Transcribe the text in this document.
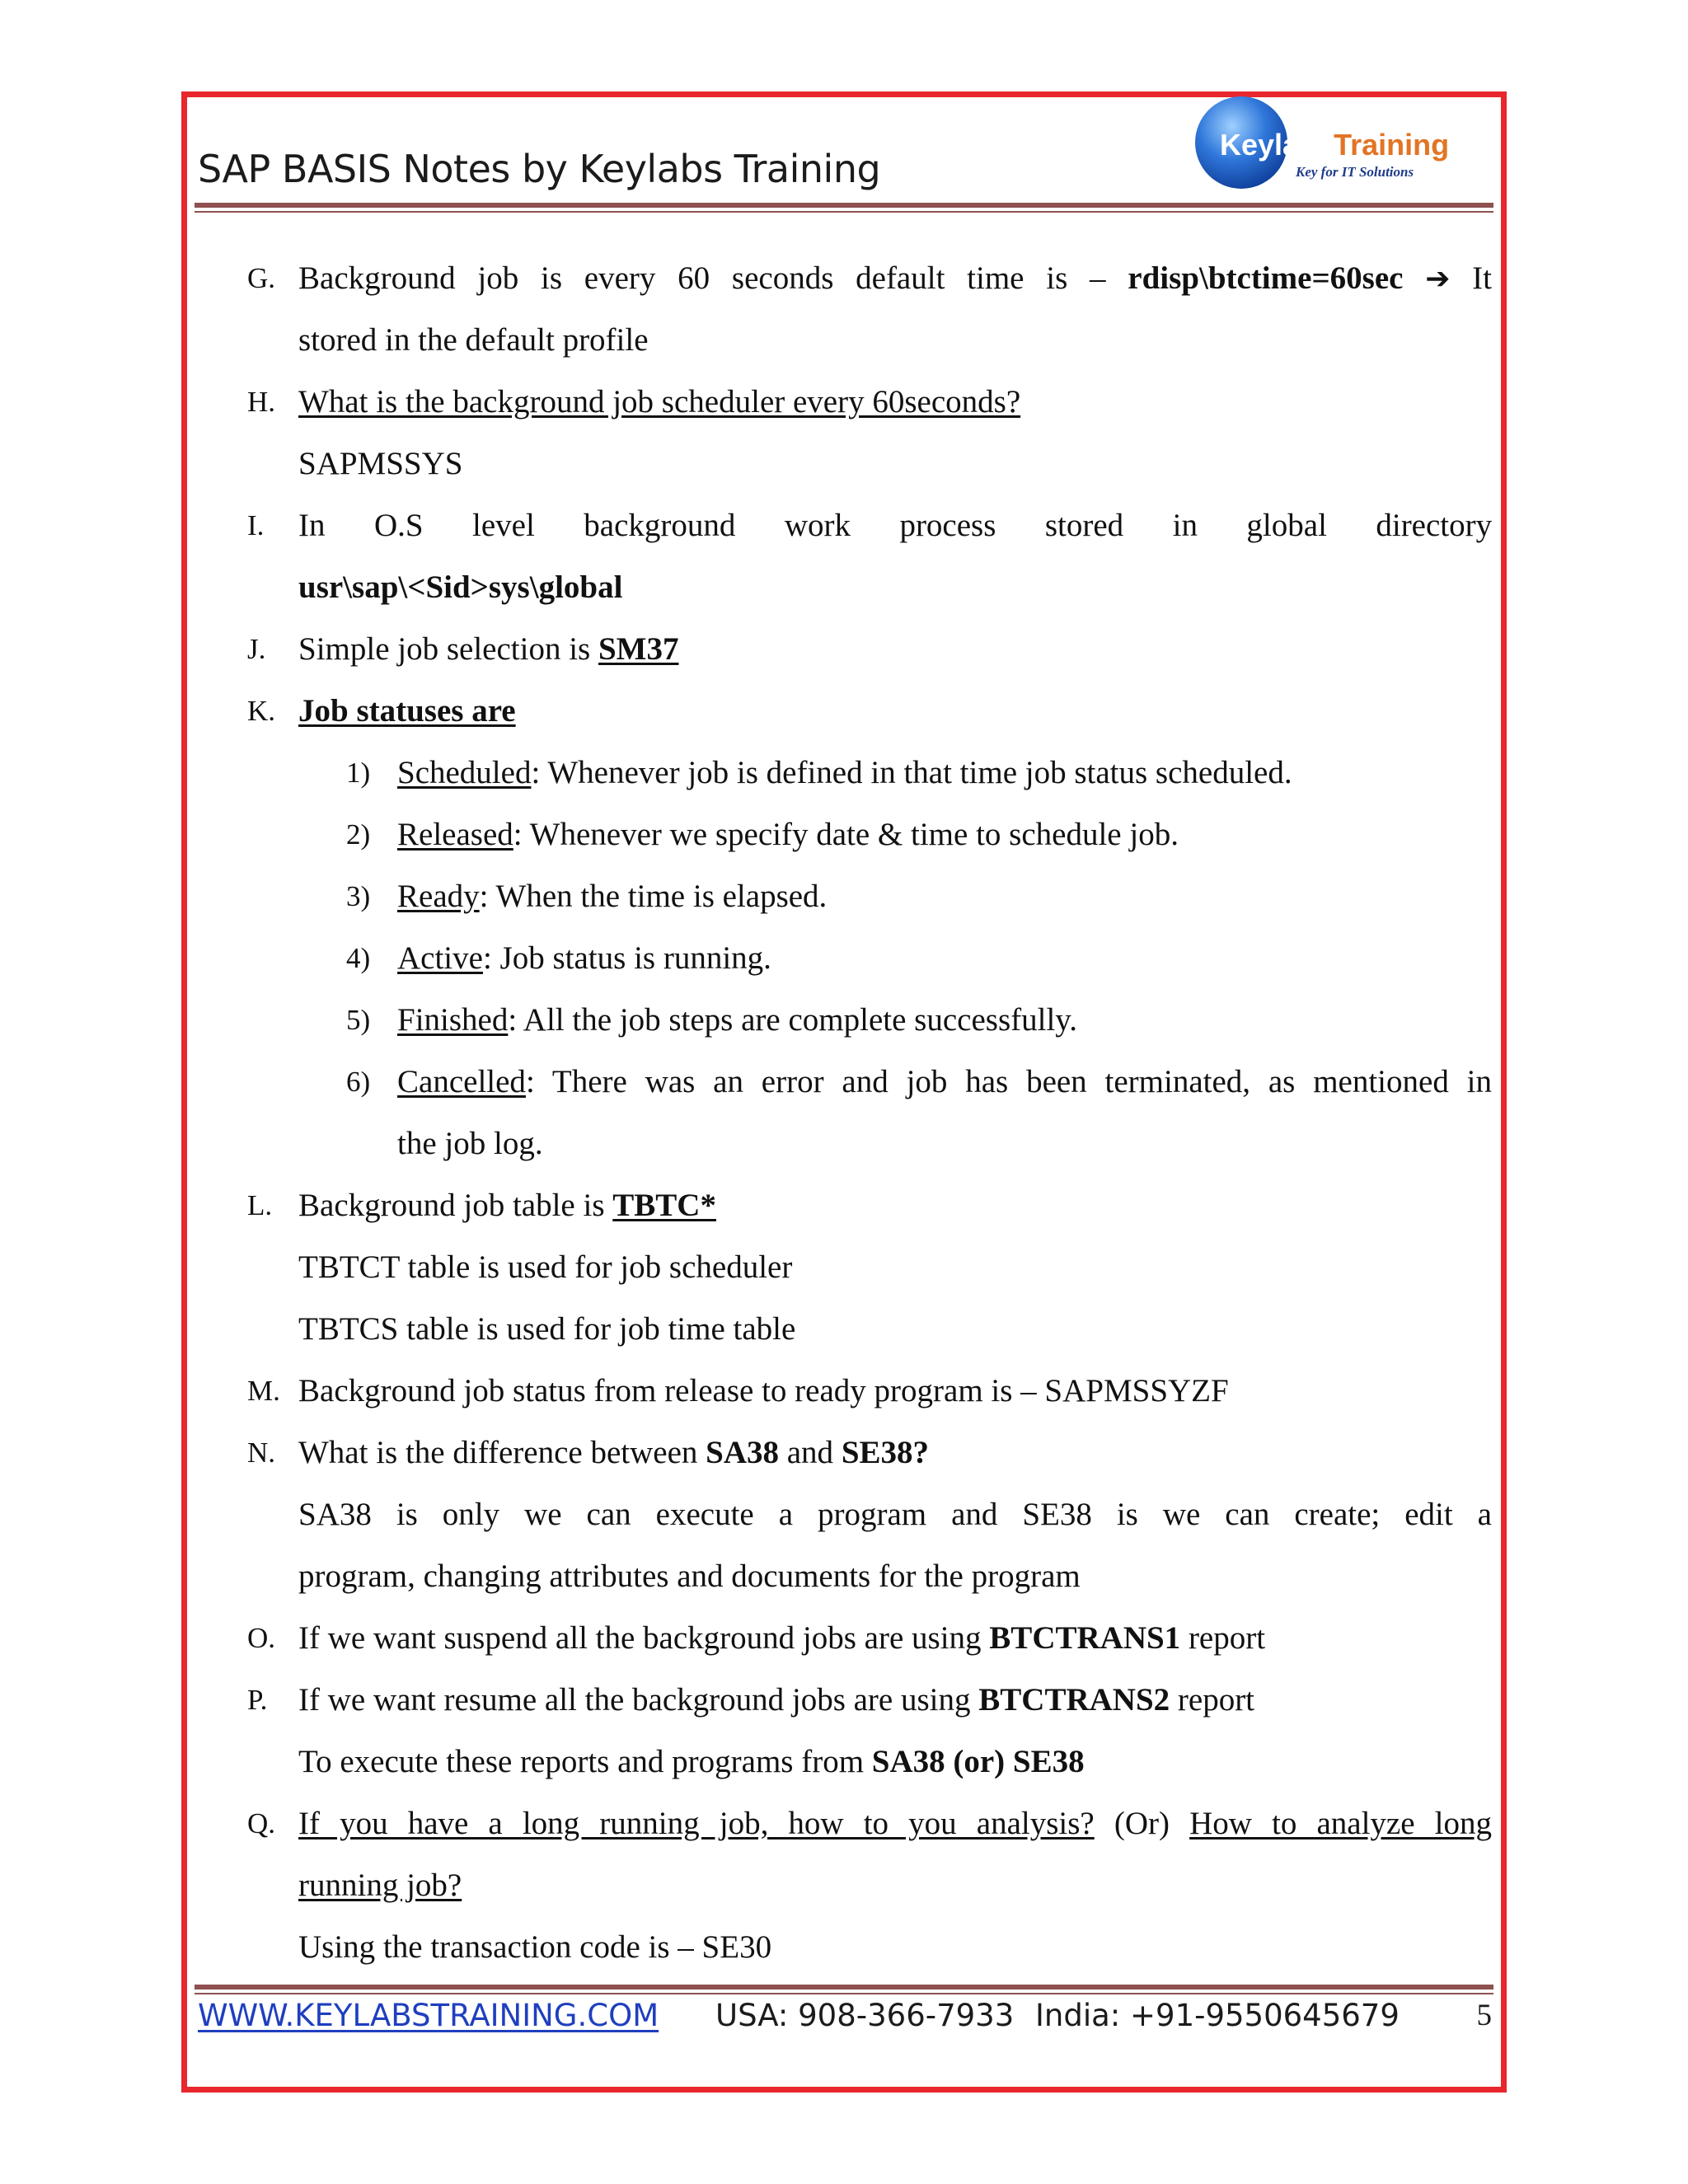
SAP BASIS Notes by Keylabs Training
KeylabsTraining
Key for IT Solutions
G. Background job is every 60 seconds default time is – rdisp\btctime=60sec ➔ It
stored in the default profile
H. What is the background job scheduler every 60seconds?
SAPMSSYS
I. In O.S level background work process stored in global directory
usr\sap\<Sid>sys\global
J. Simple job selection is SM37
K. Job statuses are
1) Scheduled: Whenever job is defined in that time job status scheduled.
2) Released: Whenever we specify date & time to schedule job.
3) Ready: When the time is elapsed.
4) Active: Job status is running.
5) Finished: All the job steps are complete successfully.
6) Cancelled: There was an error and job has been terminated, as mentioned in
the job log.
L. Background job table is TBTC*
TBTCT table is used for job scheduler
TBTCS table is used for job time table
M. Background job status from release to ready program is – SAPMSSYZF
N. What is the difference between SA38 and SE38?
SA38 is only we can execute a program and SE38 is we can create; edit a
program, changing attributes and documents for the program
O. If we want suspend all the background jobs are using BTCTRANS1 report
P. If we want resume all the background jobs are using BTCTRANS2 report
To execute these reports and programs from SA38 (or) SE38
Q. If you have a long running job, how to you analysis? (Or) How to analyze long
running job?
Using the transaction code is – SE30
WWW.KEYLABSTRAINING.COM USA: 908-366-7933 India: +91-9550645679	5
